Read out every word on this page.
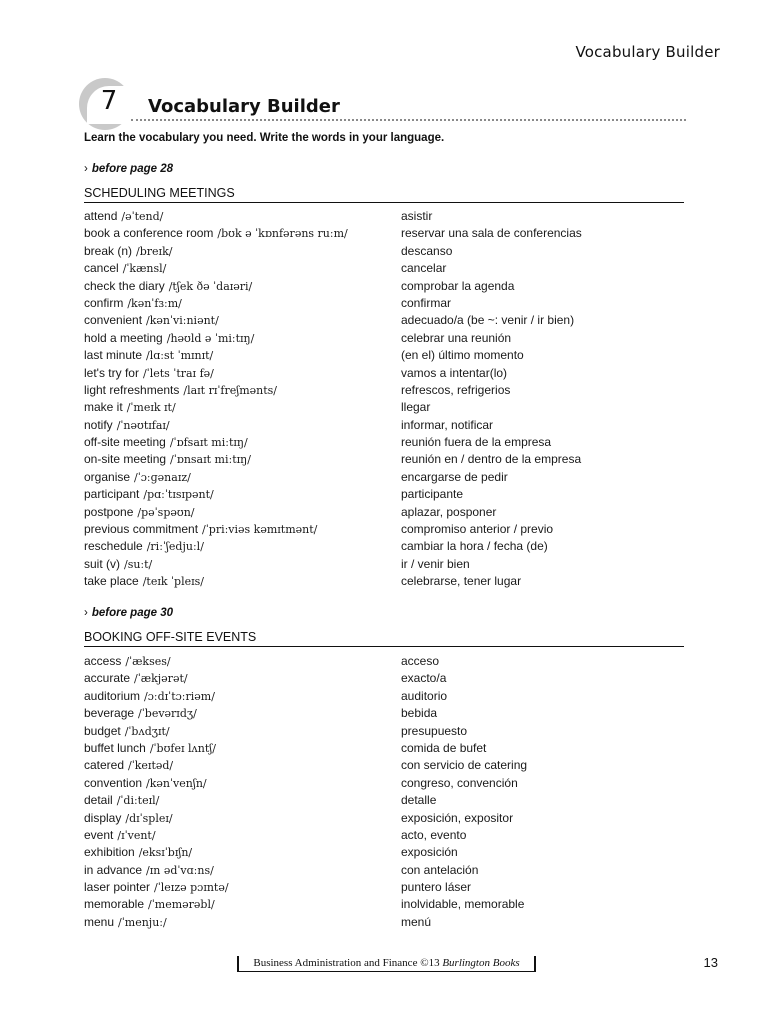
Vocabulary Builder
7 Vocabulary Builder
Learn the vocabulary you need. Write the words in your language.
› before page 28
SCHEDULING MEETINGS
attend /əˈtend/	asistir
book a conference room /bʊk ə ˈkɒnfərəns ruːm/	reservar una sala de conferencias
break (n) /breɪk/	descanso
cancel /ˈkænsl/	cancelar
check the diary /tʃek ðə ˈdaɪəri/	comprobar la agenda
confirm /kənˈfɜːm/	confirmar
convenient /kənˈviːniənt/	adecuado/a (be ~: venir / ir bien)
hold a meeting /həʊld ə ˈmiːtɪŋ/	celebrar una reunión
last minute /lɑːst ˈmɪnɪt/	(en el) último momento
let's try for /ˈlets ˈtraɪ fə/	vamos a intentar(lo)
light refreshments /laɪt rɪˈfreʃmənts/	refrescos, refrigerios
make it /ˈmeɪk ɪt/	llegar
notify /ˈnəʊtɪfaɪ/	informar, notificar
off-site meeting /ˈɒfsaɪt miːtɪŋ/	reunión fuera de la empresa
on-site meeting /ˈɒnsaɪt miːtɪŋ/	reunión en / dentro de la empresa
organise /ˈɔːɡənaɪz/	encargarse de pedir
participant /pɑːˈtɪsɪpənt/	participante
postpone /pəˈspəʊn/	aplazar, posponer
previous commitment /ˈpriːviəs kəmɪtmənt/	compromiso anterior / previo
reschedule /riːˈʃedjuːl/	cambiar la hora / fecha (de)
suit (v) /suːt/	ir / venir bien
take place /teɪk ˈpleɪs/	celebrarse, tener lugar
› before page 30
BOOKING OFF-SITE EVENTS
access /ˈækses/	acceso
accurate /ˈækjərət/	exacto/a
auditorium /ɔːdɪˈtɔːriəm/	auditorio
beverage /ˈbevərɪdʒ/	bebida
budget /ˈbʌdʒɪt/	presupuesto
buffet lunch /ˈbʊfeɪ lʌntʃ/	comida de bufet
catered /ˈkeɪtəd/	con servicio de catering
convention /kənˈvenʃn/	congreso, convención
detail /ˈdiːteɪl/	detalle
display /dɪˈspleɪ/	exposición, expositor
event /ɪˈvent/	acto, evento
exhibition /eksɪˈbɪʃn/	exposición
in advance /ɪn ədˈvɑːns/	con antelación
laser pointer /ˈleɪzə pɔɪntə/	puntero láser
memorable /ˈmemərəbl/	inolvidable, memorable
menu /ˈmenjuː/	menú
Business Administration and Finance ©13 Burlington Books	13
